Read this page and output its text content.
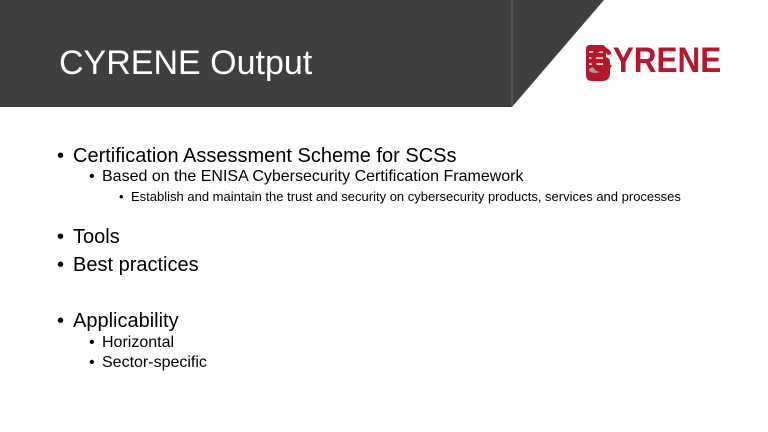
CYRENE Output	CYRENE
• Certification Assessment Scheme for SCSs
• Based on the ENISA Cybersecurity Certification Framework
• Establish and maintain the trust and security on cybersecurity products, services and processes
• Tools
• Best practices
• Applicability
• Horizontal
• Sector-specific
